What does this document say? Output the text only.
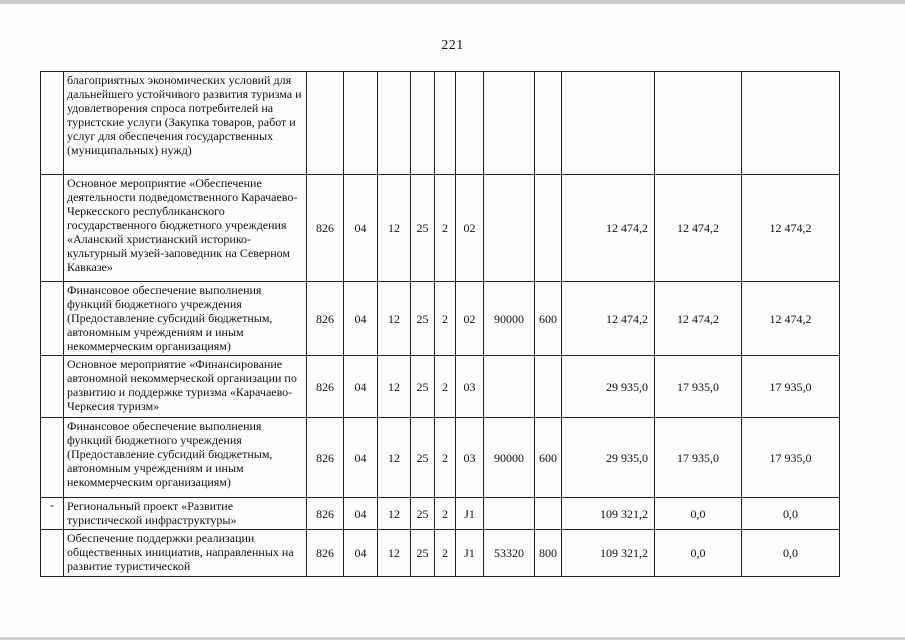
221
	благоприятных экономических условий для дальнейшего устойчивого развития туризма и удовлетворения спроса потребителей на туристские услуги (Закупка товаров, работ и услуг для обеспечения государственных (муниципальных) нужд)											
	Основное мероприятие «Обеспечение деятельности подведомственного Карачаево-Черкесского республиканского государственного бюджетного учреждения «Аланский христианский историко-культурный музей-заповедник на Северном Кавказе»	826	04	12	25	2	02			12 474,2	12 474,2	12 474,2
	Финансовое обеспечение выполнения функций бюджетного учреждения (Предоставление субсидий бюджетным, автономным учреждениям и иным некоммерческим организациям)	826	04	12	25	2	02	90000	600	12 474,2	12 474,2	12 474,2
	Основное мероприятие «Финансирование автономной некоммерческой организации по развитию и поддержке туризма «Карачаево-Черкесия туризм»	826	04	12	25	2	03			29 935,0	17 935,0	17 935,0
	Финансовое обеспечение выполнения функций бюджетного учреждения (Предоставление субсидий бюджетным, автономным учреждениям и иным некоммерческим организациям)	826	04	12	25	2	03	90000	600	29 935,0	17 935,0	17 935,0
-	Региональный проект «Развитие туристической инфраструктуры»	826	04	12	25	2	J1			109 321,2	0,0	0,0
	Обеспечение поддержки реализации общественных инициатив, направленных на развитие туристической	826	04	12	25	2	J1	53320	800	109 321,2	0,0	0,0
